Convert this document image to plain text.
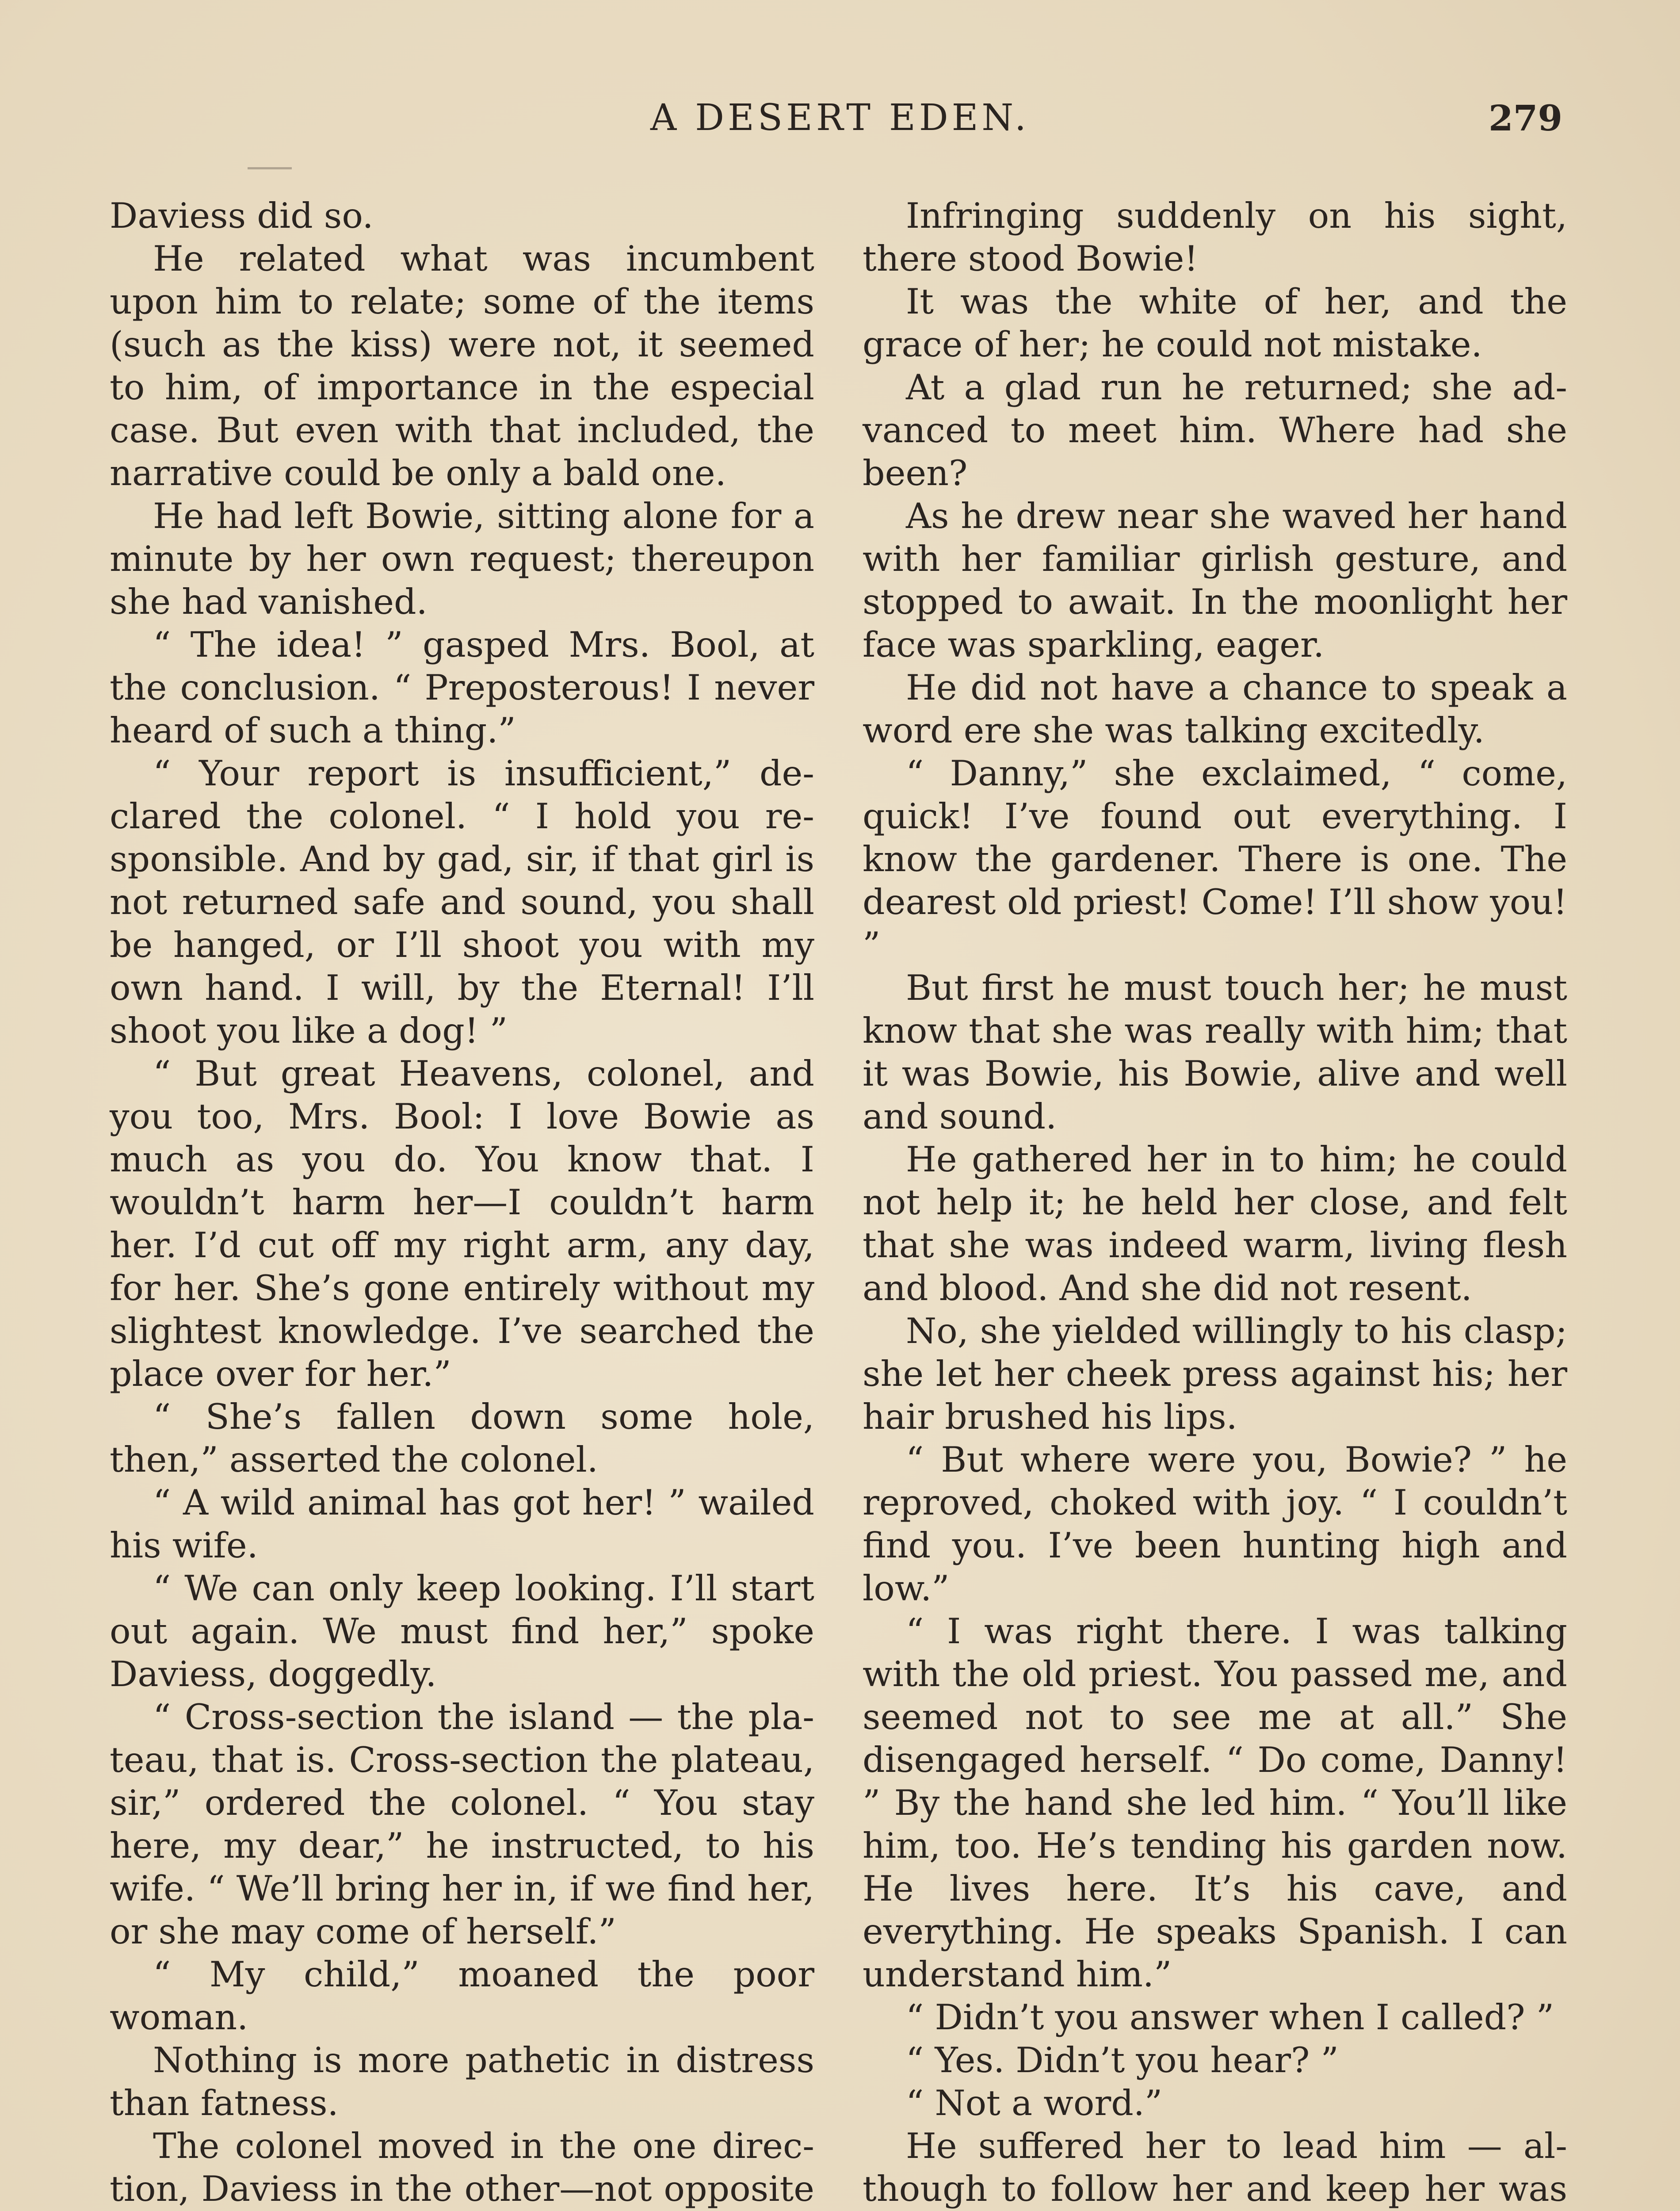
A DESERT EDEN.	279

Daviess did so.

He related what was incumbent upon him to relate; some of the items (such as the kiss) were not, it seemed to him, of importance in the especial case. But even with that included, the narrative could be only a bald one.

He had left Bowie, sitting alone for a minute by her own request; thereupon she had vanished.

“ The idea! ” gasped Mrs. Bool, at the conclusion. “ Preposterous! I never heard of such a thing.”

“ Your report is insufficient,” declared the colonel. “ I hold you responsible. And by gad, sir, if that girl is not returned safe and sound, you shall be hanged, or I’ll shoot you with my own hand. I will, by the Eternal! I’ll shoot you like a dog! ”

“ But great Heavens, colonel, and you too, Mrs. Bool: I love Bowie as much as you do. You know that. I wouldn’t harm her—I couldn’t harm her. I’d cut off my right arm, any day, for her. She’s gone entirely without my slightest knowledge. I’ve searched the place over for her.”

“ She’s fallen down some hole, then,” asserted the colonel.

“ A wild animal has got her! ” wailed his wife.

“ We can only keep looking. I’ll start out again. We must find her,” spoke Daviess, doggedly.

“ Cross-section the island — the plateau, that is. Cross-section the plateau, sir,” ordered the colonel. “ You stay here, my dear,” he instructed, to his wife. “ We’ll bring her in, if we find her, or she may come of herself.”

“ My child,” moaned the poor woman.

Nothing is more pathetic in distress than fatness.

The colonel moved in the one direction, Daviess in the other—not opposite

Infringing suddenly on his sight, there stood Bowie!

It was the white of her, and the grace of her; he could not mistake.

At a glad run he returned; she advanced to meet him. Where had she been?

As he drew near she waved her hand with her familiar girlish gesture, and stopped to await. In the moonlight her face was sparkling, eager.

He did not have a chance to speak a word ere she was talking excitedly.

“ Danny,” she exclaimed, “ come, quick! I’ve found out everything. I know the gardener. There is one. The dearest old priest! Come! I’ll show you! ”

But first he must touch her; he must know that she was really with him; that it was Bowie, his Bowie, alive and well and sound.

He gathered her in to him; he could not help it; he held her close, and felt that she was indeed warm, living flesh and blood. And she did not resent.

No, she yielded willingly to his clasp; she let her cheek press against his; her hair brushed his lips.

“ But where were you, Bowie? ” he reproved, choked with joy. “ I couldn’t find you. I’ve been hunting high and low.”

“ I was right there. I was talking with the old priest. You passed me, and seemed not to see me at all.” She disengaged herself. “ Do come, Danny! ” By the hand she led him. “ You’ll like him, too. He’s tending his garden now. He lives here. It’s his cave, and everything. He speaks Spanish. I can understand him.”

“ Didn’t you answer when I called? ”

“ Yes. Didn’t you hear? ”

“ Not a word.”

He suffered her to lead him — although to follow her and keep her was
